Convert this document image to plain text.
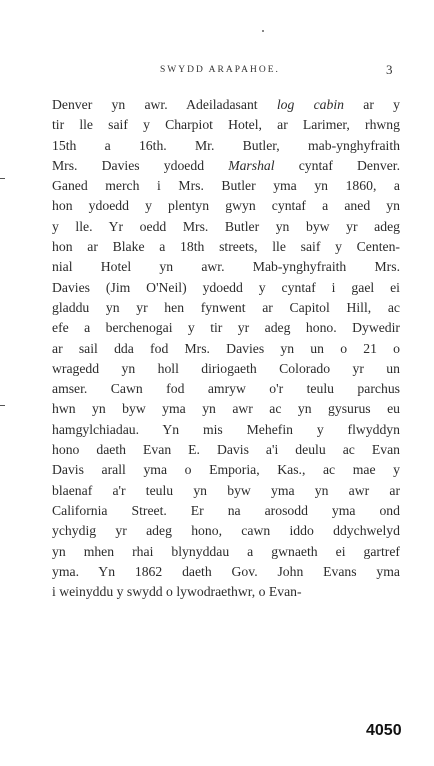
SWYDD ARAPAHOE.	3
Denver yn awr. Adeiladasant log cabin ar y
tir lle saif y Charpiot Hotel, ar Larimer, rhwng
15th a 16th. Mr. Butler, mab-ynghyfraith
Mrs. Davies ydoedd Marshal cyntaf Denver.
Ganed merch i Mrs. Butler yma yn 1860, a
hon ydoedd y plentyn gwyn cyntaf a aned yn
y lle. Yr oedd Mrs. Butler yn byw yr adeg
hon ar Blake a 18th streets, lle saif y Centen-
nial Hotel yn awr. Mab-ynghyfraith Mrs.
Davies (Jim O'Neil) ydoedd y cyntaf i gael ei
gladdu yn yr hen fynwent ar Capitol Hill, ac
efe a berchenogai y tir yr adeg hono. Dywedir
ar sail dda fod Mrs. Davies yn un o 21 o
wragedd yn holl diriogaeth Colorado yr un
amser. Cawn fod amryw o'r teulu parchus
hwn yn byw yma yn awr ac yn gysurus eu
hamgylchiadau. Yn mis Mehefin y flwyddyn
hono daeth Evan E. Davis a'i deulu ac Evan
Davis arall yma o Emporia, Kas., ac mae y
blaenaf a'r teulu yn byw yma yn awr ar
California Street. Er na arosodd yma ond
ychydig yr adeg hono, cawn iddo ddychwelyd
yn mhen rhai blynyddau a gwnaeth ei gartref
yma. Yn 1862 daeth Gov. John Evans yma
i weinyddu y swydd o lywodraethwr, o Evan-
4050
